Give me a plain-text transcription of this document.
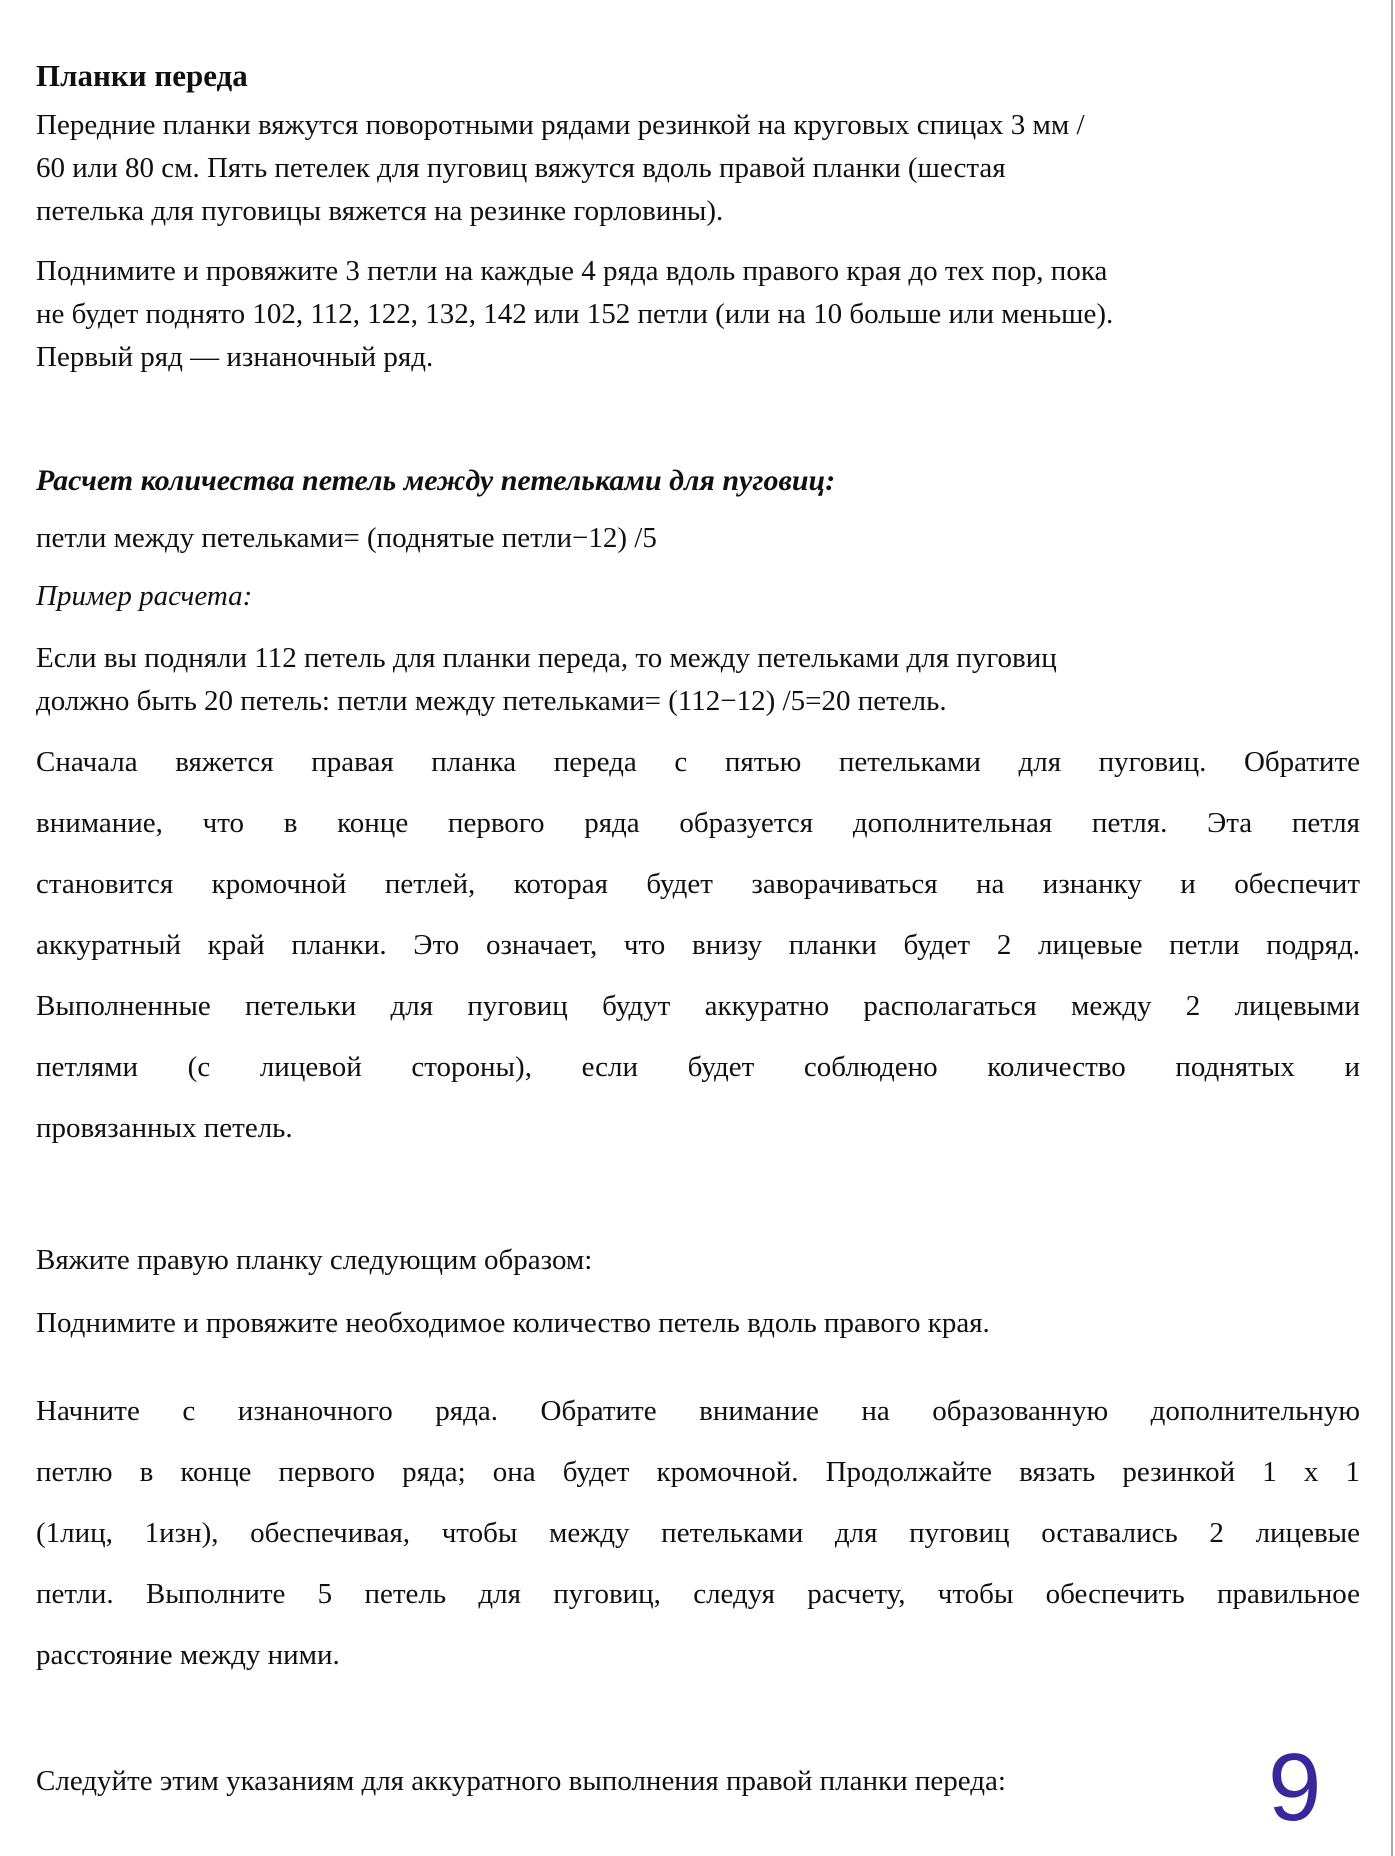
Планки переда
Передние планки вяжутся поворотными рядами резинкой на круговых спицах 3 мм /
60 или 80 см. Пять петелек для пуговиц вяжутся вдоль правой планки (шестая
петелька для пуговицы вяжется на резинке горловины).
Поднимите и провяжите 3 петли на каждые 4 ряда вдоль правого края до тех пор, пока
не будет поднято 102, 112, 122, 132, 142 или 152 петли (или на 10 больше или меньше).
Первый ряд — изнаночный ряд.
Расчет количества петель между петельками для пуговиц:
петли между петельками= (поднятые петли−12) /5
Пример расчета:
Если вы подняли 112 петель для планки переда, то между петельками для пуговиц
должно быть 20 петель: петли между петельками= (112−12) /5=20 петель.
Сначала вяжется правая планка переда с пятью петельками для пуговиц. Обратите
внимание, что в конце первого ряда образуется дополнительная петля. Эта петля
становится кромочной петлей, которая будет заворачиваться на изнанку и обеспечит
аккуратный край планки. Это означает, что внизу планки будет 2 лицевые петли подряд.
Выполненные петельки для пуговиц будут аккуратно располагаться между 2 лицевыми
петлями (с лицевой стороны), если будет соблюдено количество поднятых и
провязанных петель.
Вяжите правую планку следующим образом:
Поднимите и провяжите необходимое количество петель вдоль правого края.
Начните с изнаночного ряда. Обратите внимание на образованную дополнительную
петлю в конце первого ряда; она будет кромочной. Продолжайте вязать резинкой 1 х 1
(1лиц, 1изн), обеспечивая, чтобы между петельками для пуговиц оставались 2 лицевые
петли. Выполните 5 петель для пуговиц, следуя расчету, чтобы обеспечить правильное
расстояние между ними.
Следуйте этим указаниям для аккуратного выполнения правой планки переда:	9
